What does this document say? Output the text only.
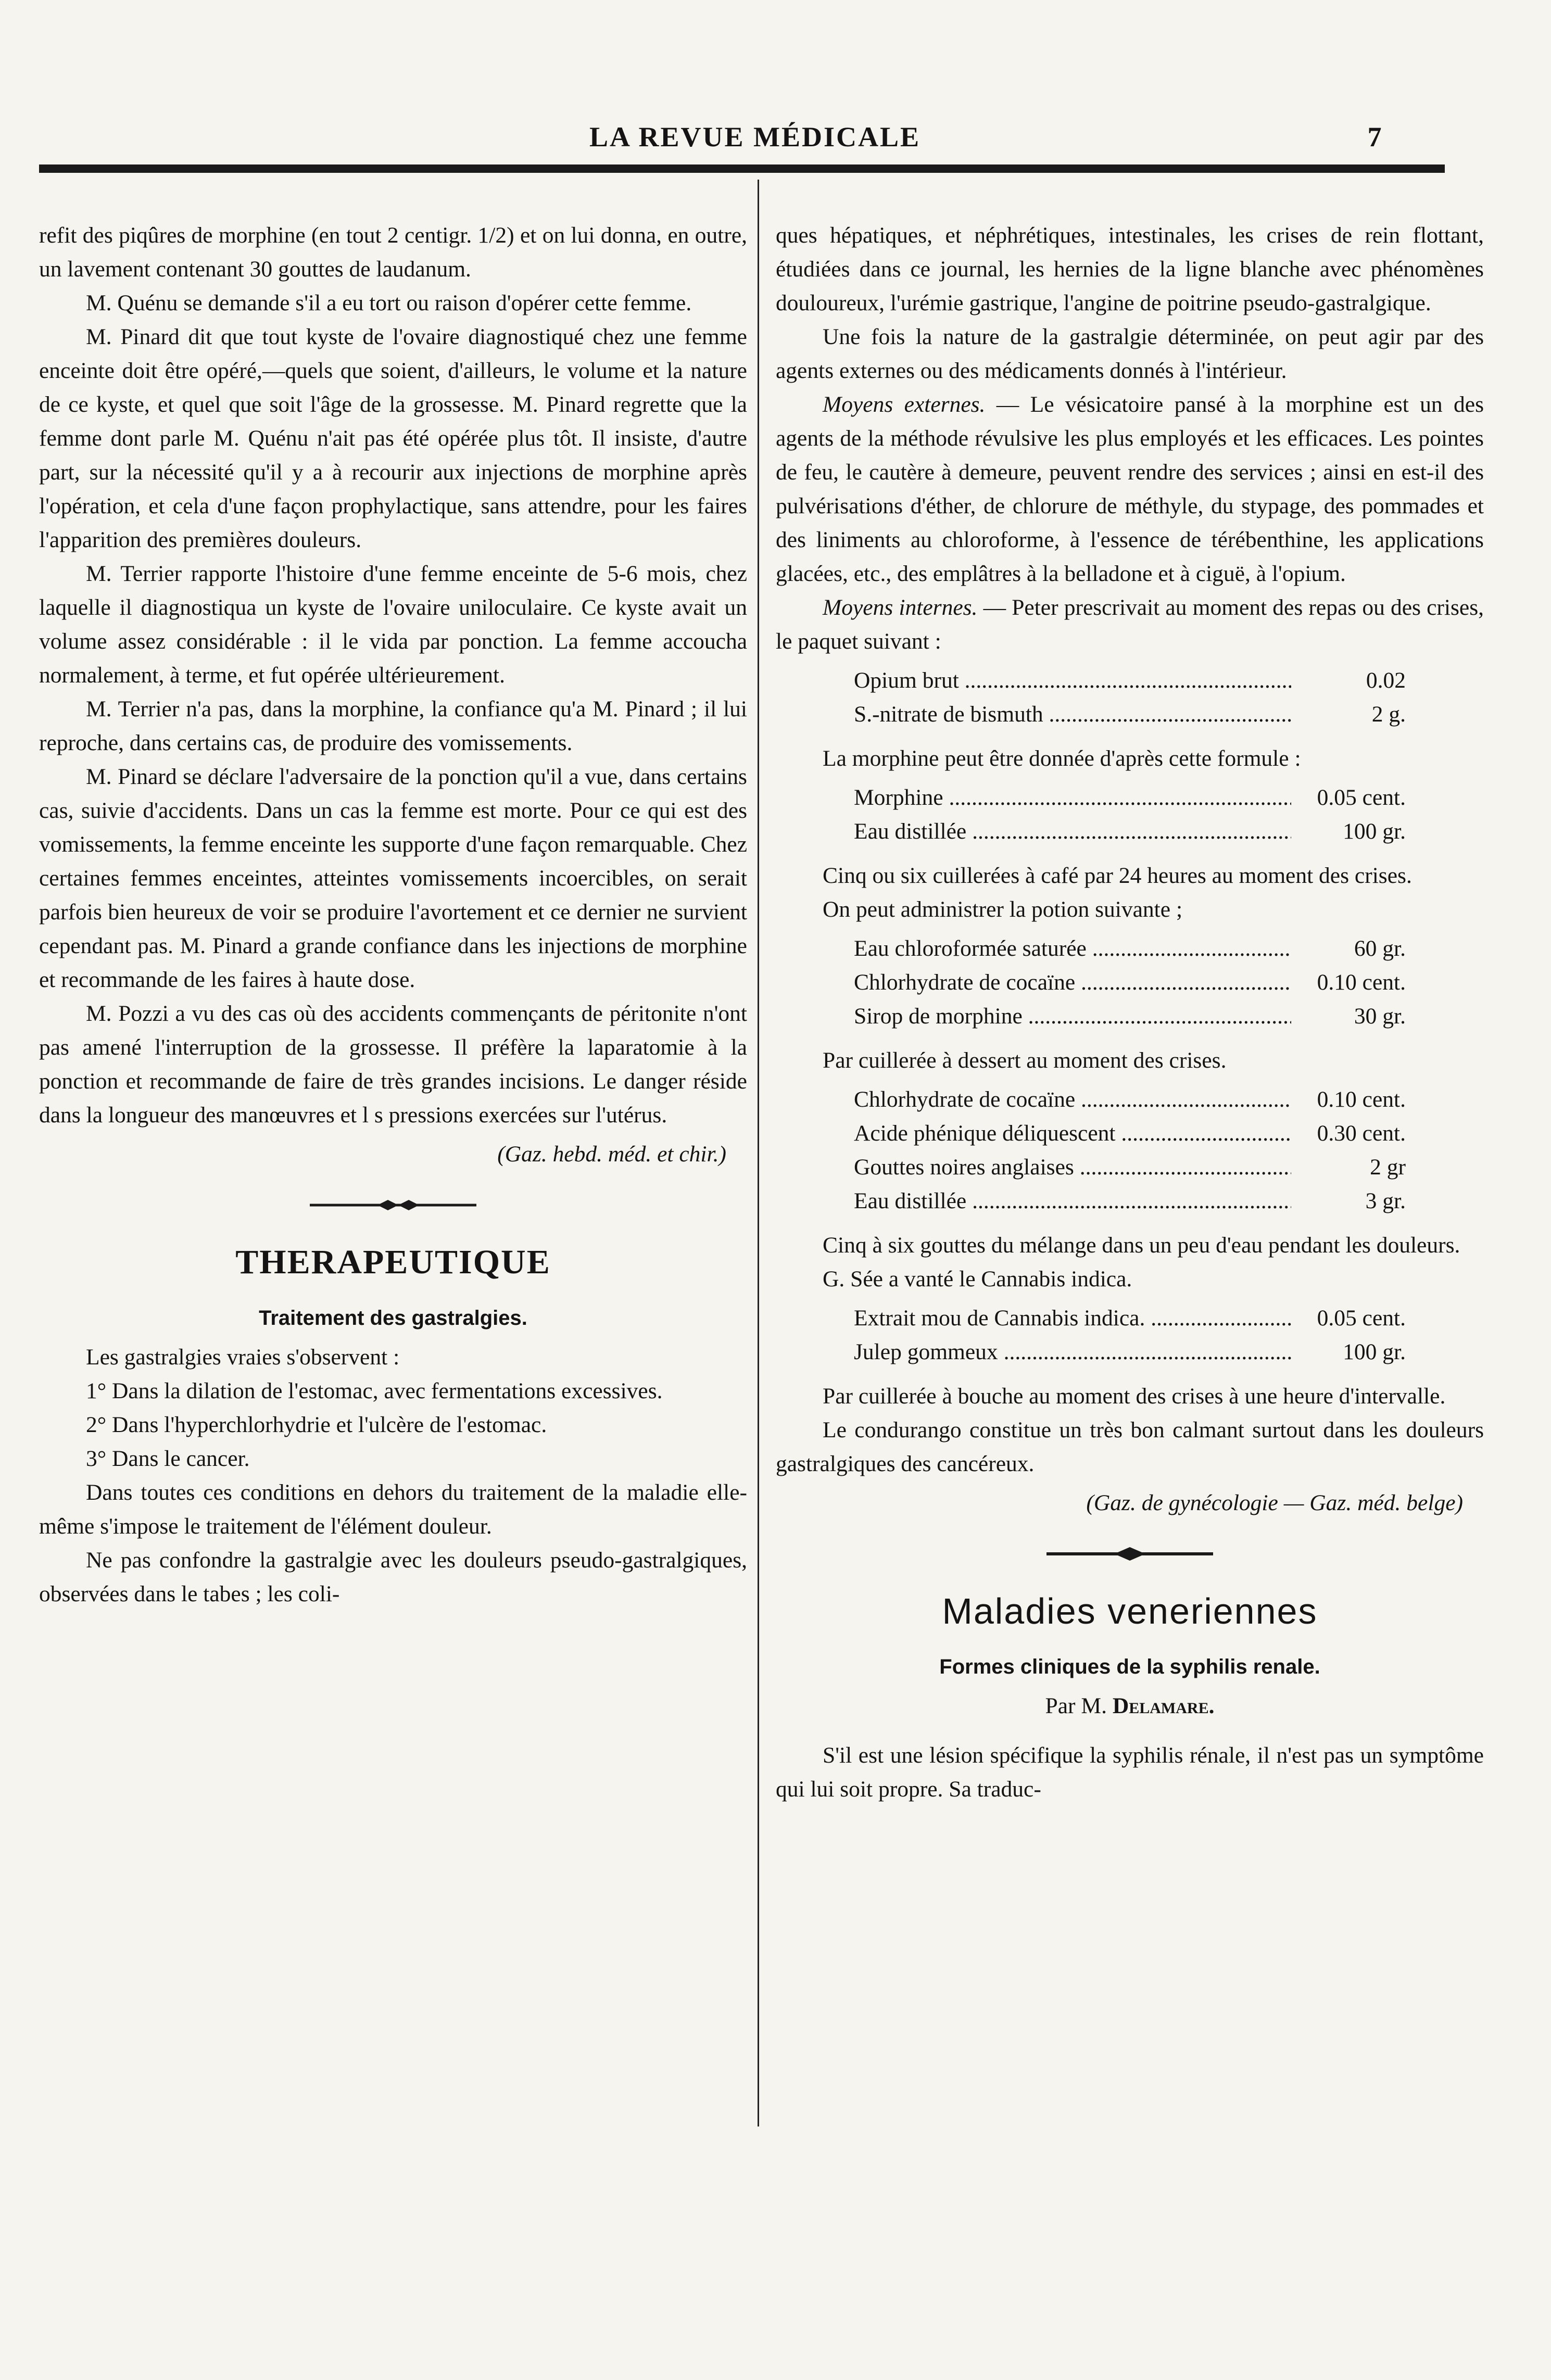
LA REVUE MÉDICALE	7

refit des piqûres de morphine (en tout 2 centigr. 1/2) et on lui donna, en outre, un lavement contenant 30 gouttes de laudanum.

M. Quénu se demande s'il a eu tort ou raison d'opérer cette femme.

M. Pinard dit que tout kyste de l'ovaire diagnostiqué chez une femme enceinte doit être opéré,—quels que soient, d'ailleurs, le volume et la nature de ce kyste, et quel que soit l'âge de la grossesse. M. Pinard regrette que la femme dont parle M. Quénu n'ait pas été opérée plus tôt. Il insiste, d'autre part, sur la nécessité qu'il y a à recourir aux injections de morphine après l'opération, et cela d'une façon prophylactique, sans attendre, pour les faires l'apparition des premières douleurs.

M. Terrier rapporte l'histoire d'une femme enceinte de 5-6 mois, chez laquelle il diagnostiqua un kyste de l'ovaire uniloculaire. Ce kyste avait un volume assez considérable : il le vida par ponction. La femme accoucha normalement, à terme, et fut opérée ultérieurement.

M. Terrier n'a pas, dans la morphine, la confiance qu'a M. Pinard ; il lui reproche, dans certains cas, de produire des vomissements.

M. Pinard se déclare l'adversaire de la ponction qu'il a vue, dans certains cas, suivie d'accidents. Dans un cas la femme est morte. Pour ce qui est des vomissements, la femme enceinte les supporte d'une façon remarquable. Chez certaines femmes enceintes, atteintes vomissements incoercibles, on serait parfois bien heureux de voir se produire l'avortement et ce dernier ne survient cependant pas. M. Pinard a grande confiance dans les injections de morphine et recommande de les faires à haute dose.

M. Pozzi a vu des cas où des accidents commençants de péritonite n'ont pas amené l'interruption de la grossesse. Il préfère la laparatomie à la ponction et recommande de faire de très grandes incisions. Le danger réside dans la longueur des manœuvres et l s pressions exercées sur l'utérus.

(Gaz. hebd. méd. et chir.)

THERAPEUTIQUE
Traitement des gastralgies.

Les gastralgies vraies s'observent :

1° Dans la dilation de l'estomac, avec fermentations excessives.

2° Dans l'hyperchlorhydrie et l'ulcère de l'estomac.

3° Dans le cancer.

Dans toutes ces conditions en dehors du traitement de la maladie elle-même s'impose le traitement de l'élément douleur.

Ne pas confondre la gastralgie avec les douleurs pseudo-gastralgiques, observées dans le tabes ; les coli-

ques hépatiques, et néphrétiques, intestinales, les crises de rein flottant, étudiées dans ce journal, les hernies de la ligne blanche avec phénomènes douloureux, l'urémie gastrique, l'angine de poitrine pseudo-gastralgique.

Une fois la nature de la gastralgie déterminée, on peut agir par des agents externes ou des médicaments donnés à l'intérieur.

Moyens externes. — Le vésicatoire pansé à la morphine est un des agents de la méthode révulsive les plus employés et les efficaces. Les pointes de feu, le cautère à demeure, peuvent rendre des services ; ainsi en est-il des pulvérisations d'éther, de chlorure de méthyle, du stypage, des pommades et des liniments au chloroforme, à l'essence de térébenthine, les applications glacées, etc., des emplâtres à la belladone et à ciguë, à l'opium.

Moyens internes. — Peter prescrivait au moment des repas ou des crises, le paquet suivant :

Opium brut .....	0.02
S.-nitrate de bismuth .....	2 g.

La morphine peut être donnée d'après cette formule :

Morphine .....	0.05 cent.
Eau distillée .....	100 gr.

Cinq ou six cuillerées à café par 24 heures au moment des crises.

On peut administrer la potion suivante ;

Eau chloroformée saturée .....	60 gr.
Chlorhydrate de cocaïne .....	0.10 cent.
Sirop de morphine .....	30 gr.

Par cuillerée à dessert au moment des crises.

Chlorhydrate de cocaïne .....	0.10 cent.
Acide phénique déliquescent .....	0.30 cent.
Gouttes noires anglaises .....	2 gr
Eau distillée .....	3 gr.

Cinq à six gouttes du mélange dans un peu d'eau pendant les douleurs.

G. Sée a vanté le Cannabis indica.

Extrait mou de Cannabis indica. .....	0.05 cent.
Julep gommeux .....	100 gr.

Par cuillerée à bouche au moment des crises à une heure d'intervalle.

Le condurango constitue un très bon calmant surtout dans les douleurs gastralgiques des cancéreux.

(Gaz. de gynécologie — Gaz. méd. belge)

Maladies veneriennes
Formes cliniques de la syphilis renale.

Par M. Delamare.

S'il est une lésion spécifique la syphilis rénale, il n'est pas un symptôme qui lui soit propre. Sa traduc-
